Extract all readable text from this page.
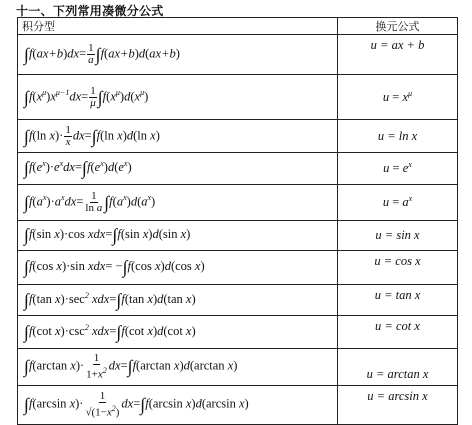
十一、下列常用凑微分公式
积分型	换元公式
$\int f(ax+b)dx= \frac{1}{a} \int f(ax+b)d(ax+b)$	u = ax + b
$\int f(x^\mu)x^{\mu-1}dx= \frac{1}{\mu} \int f(x^\mu)d(x^\mu)$	$u = x^\mu$
∫f(ln $x)\cdot \frac{1}{x} dx=\int f(\ln$ x)d(ln x)	u = ln x
$\int f(e^x)\cdot e^xdx=\int f(e^x)d(e^x)$	$u = e^x$
$\int f(a^x)\cdot a^xdx= \frac{1}{\text{ln a}} \int f(a^x)d(a^x)$	$u = a^x$
∫f(sin x)·cos xdx=∫f(sin x)d(sin x)	u = sin x
∫f(cos x)·sin xdx= −∫f(cos x)d(cos x)	u = cos x
∫f(tan $x)\cdot\sec^2$ xdx=∫f(tan x)d(tan x)	u = tan x
∫f(cot $x)\cdot\csc^2$ xdx=∫f(cot x)d(cot x)	u = cot x
∫f(arctan $x)\cdot \frac{1}{1+x^2} dx=\int f(\arctan$ x)d(arctan x)	u = arctan x
∫f(arcsin $x)\cdot \frac{1}{√(1-x^2)} dx=\int f(\arcsin$ x)d(arcsin x)	u = arcsin x
